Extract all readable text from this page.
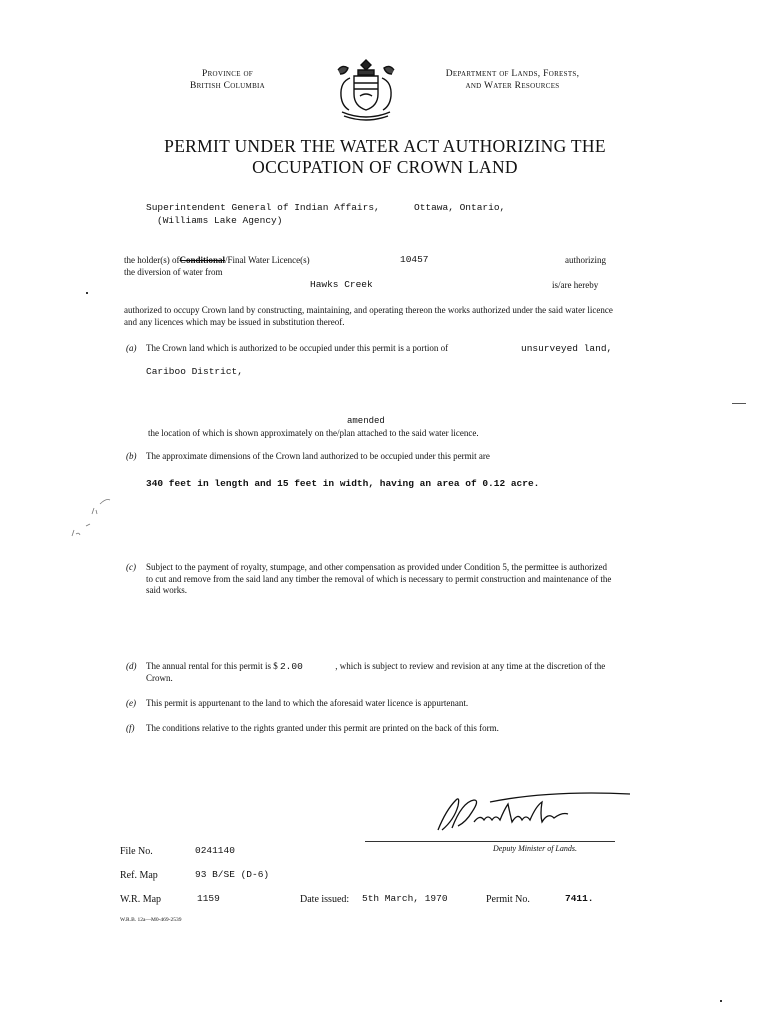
Province of
British Columbia
Department of Lands, Forests,
and Water Resources
PERMIT UNDER THE WATER ACT AUTHORIZING THE
OCCUPATION OF CROWN LAND
Superintendent General of Indian Affairs,	Ottawa, Ontario,
(Williams Lake Agency)
the holder(s) ofConditional/Final Water Licence(s)	10457	authorizing
the diversion of water from
Hawks Creek	is/are hereby
authorized to occupy Crown land by constructing, maintaining, and operating thereon the works authorized under the said water licence and any licences which may be issued in substitution thereof.
(a) The Crown land which is authorized to be occupied under this permit is a portion of	unsurveyed land,
Cariboo District,
amended
the location of which is shown approximately on the/plan attached to the said water licence.
(b) The approximate dimensions of the Crown land authorized to be occupied under this permit are
340 feet in length and 15 feet in width, having an area of 0.12 acre.
(c) Subject to the payment of royalty, stumpage, and other compensation as provided under Condition 5, the permittee is authorized to cut and remove from the said land any timber the removal of which is necessary to permit construction and maintenance of the said works.
(d) The annual rental for this permit is $ 2.00	, which is subject to review and revision at any time at the discretion of the Crown.
(e) This permit is appurtenant to the land to which the aforesaid water licence is appurtenant.
(f) The conditions relative to the rights granted under this permit are printed on the back of this form.
Deputy Minister of Lands.
File No.	0241140
Ref. Map	93 B/SE (D-6)
W.R. Map	1159	Date issued: 5th March, 1970	Permit No.	7411.
W.R.B. 12a—M0-469-2539
